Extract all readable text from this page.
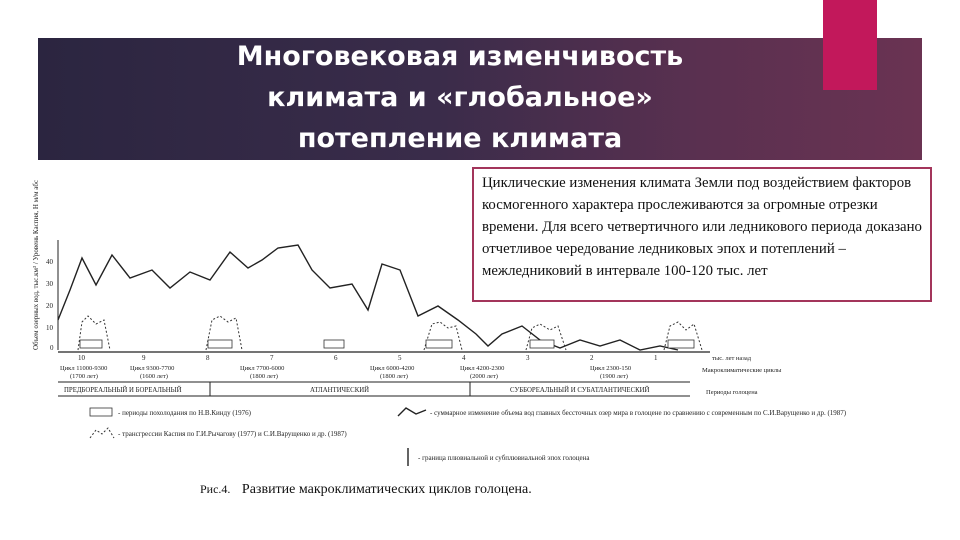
Многовековая изменчивость
климата и «глобальное»
потепление климата
Циклические изменения климата Земли под воздействием факторов космогенного характера прослеживаются за огромные отрезки времени. Для всего четвертичного или ледникового периода доказано отчетливое чередование ледниковых эпох и потеплений – межледниковий в интервале 100-120 тыс. лет
Объем озерных вод, тыс.км³ / Уровень Каспия, Н м/м абс 40
30
20
10
0
10	9	8	7	6	5	4	3	2	1	тыс. лет назад
Цикл 11000-9300
(1700 лет)
Цикл 9300-7700
(1600 лет)
Цикл 7700-6000
(1800 лет)
Цикл 6000-4200
(1800 лет)
Цикл 4200-2300
(2000 лет)
Цикл 2300-150
(1900 лет)
Макроклиматические циклы
ПРЕДБОРЕАЛЬНЫЙ И БОРЕАЛЬНЫЙ	АТЛАНТИЧЕСКИЙ	СУББОРЕАЛЬНЫЙ И СУБАТЛАНТИЧЕСКИЙ	Периоды голоцена
- периоды похолодания по Н.В.Кинду (1976)
- трансгрессии Каспия по Г.И.Рычагову (1977) и С.И.Варущенко и др. (1987)
- суммарное изменение объема вод главных бессточных озер мира в голоцене по сравнению с современным по С.И.Варущенко и др. (1987)
- граница плювиальной и субплювиальной эпох голоцена
Рис.4. Развитие макроклиматических циклов голоцена.
